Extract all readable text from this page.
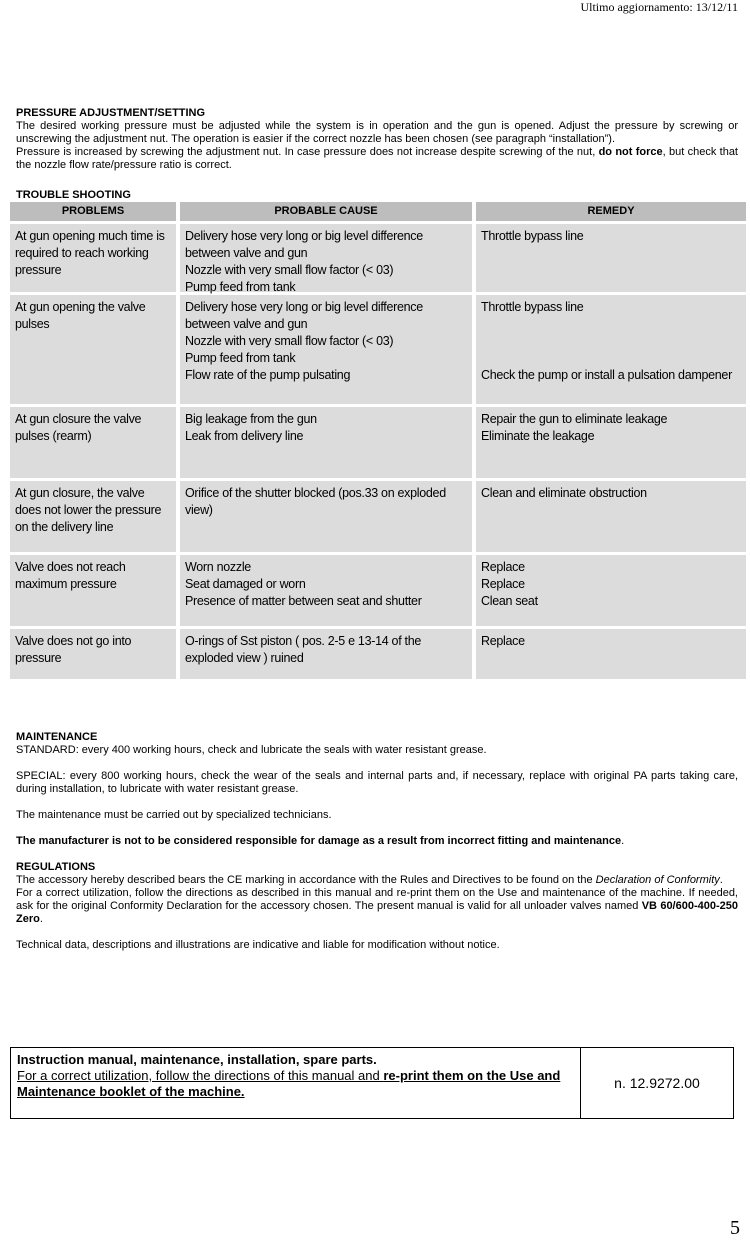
Ultimo aggiornamento: 13/12/11
PRESSURE ADJUSTMENT/SETTING

The desired working pressure must be adjusted while the system is in operation and the gun is opened. Adjust the pressure by screwing or unscrewing the adjustment nut. The operation is easier if the correct nozzle has been chosen (see paragraph “installation”).

Pressure is increased by screwing the adjustment nut. In case pressure does not increase despite screwing of the nut, do not force, but check that the nozzle flow rate/pressure ratio is correct.

TROUBLE SHOOTING
PROBLEMS	PROBABLE CAUSE	REMEDY
At gun opening much time is required to reach working pressure
Delivery hose very long or big level difference between valve and gun
Nozzle with very small flow factor (< 03)
Pump feed from tank
Throttle bypass line
At gun opening the valve pulses
Delivery hose very long or big level difference between valve and gun
Nozzle with very small flow factor (< 03)
Pump feed from tank
Flow rate of the pump pulsating
Throttle bypass line
Check the pump or install a pulsation dampener
At gun closure the valve pulses (rearm)
Big leakage from the gun
Leak from delivery line
Repair the gun to eliminate leakage
Eliminate the leakage
At gun closure, the valve does not lower the pressure on the delivery line
Orifice of the shutter blocked (pos.33 on exploded view)
Clean and eliminate obstruction
Valve does not reach maximum pressure
Worn nozzle
Seat damaged or worn
Presence of matter between seat and shutter
Replace
Replace
Clean seat
Valve does not go into pressure
O-rings of Sst piston ( pos. 2-5 e 13-14 of the exploded view ) ruined
Replace
MAINTENANCE

STANDARD: every 400 working hours, check and lubricate the seals with water resistant grease.

SPECIAL: every 800 working hours, check the wear of the seals and internal parts and, if necessary, replace with original PA parts taking care, during installation, to lubricate with water resistant grease.

The maintenance must be carried out by specialized technicians.

The manufacturer is not to be considered responsible for damage as a result from incorrect fitting and maintenance.

REGULATIONS

The accessory hereby described bears the CE marking in accordance with the Rules and Directives to be found on the Declaration of Conformity.

For a correct utilization, follow the directions as described in this manual and re-print them on the Use and maintenance of the machine. If needed, ask for the original Conformity Declaration for the accessory chosen. The present manual is valid for all unloader valves named VB 60/600-400-250 Zero.

Technical data, descriptions and illustrations are indicative and liable for modification without notice.

Instruction manual, maintenance, installation, spare parts.
For a correct utilization, follow the directions of this manual and re-print them on the Use and Maintenance booklet of the machine.
n. 12.9272.00
5
